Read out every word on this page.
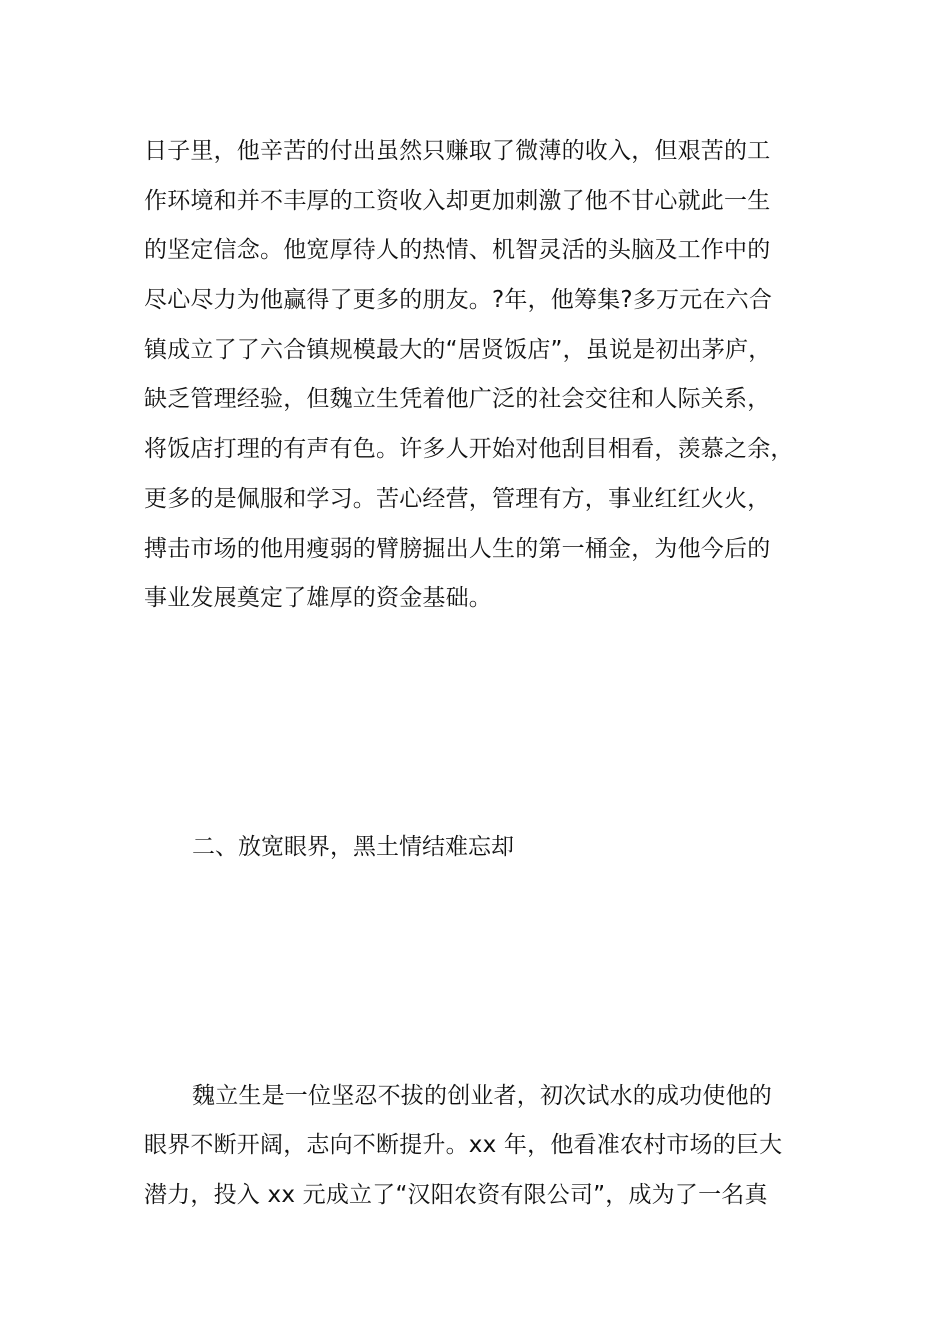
日子里，他辛苦的付出虽然只赚取了微薄的收入，但艰苦的工
作环境和并不丰厚的工资收入却更加刺激了他不甘心就此一生
的坚定信念。他宽厚待人的热情、机智灵活的头脑及工作中的
尽心尽力为他赢得了更多的朋友。?年，他筹集?多万元在六合
镇成立了了六合镇规模最大的“居贤饭店”，虽说是初出茅庐，
缺乏管理经验，但魏立生凭着他广泛的社会交往和人际关系，
将饭店打理的有声有色。许多人开始对他刮目相看，羡慕之余，
更多的是佩服和学习。苦心经营，管理有方，事业红红火火，
搏击市场的他用瘦弱的臂膀掘出人生的第一桶金，为他今后的
事业发展奠定了雄厚的资金基础。
二、放宽眼界，黑土情结难忘却
魏立生是一位坚忍不拔的创业者，初次试水的成功使他的
眼界不断开阔，志向不断提升。xx 年，他看准农村市场的巨大
潜力，投入 xx 元成立了“汉阳农资有限公司”，成为了一名真
